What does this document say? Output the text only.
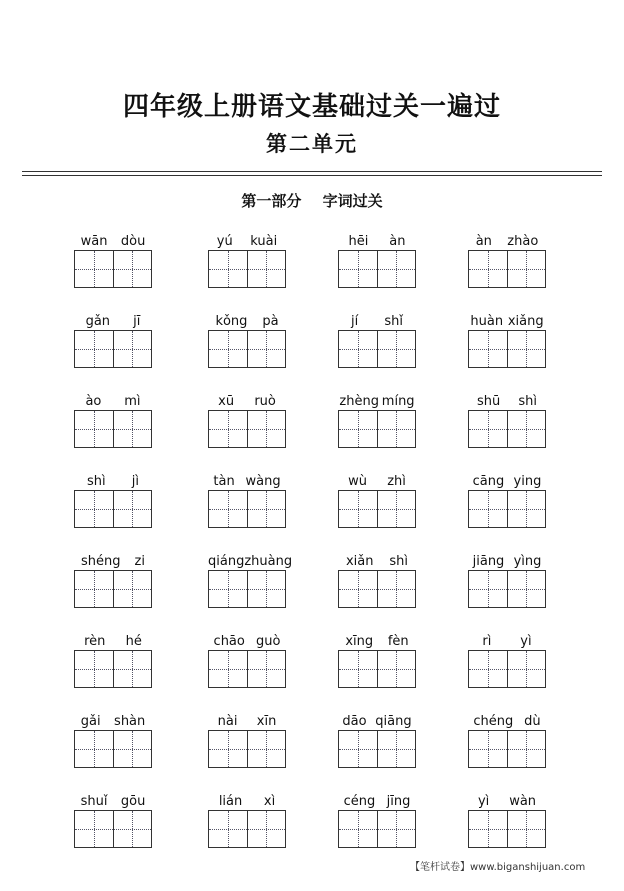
四年级上册语文基础过关一遍过
第二单元
第一部分 字词过关
wān dòu	yú kuài	hēi àn	àn zhào
gǎn jī	kǒng pà	jí shǐ	huàn xiǎng
ào mì	xū ruò	zhèng míng	shū shì
shì jì	tàn wàng	wù zhì	cāng ying
shéng zi	qiáng zhuàng	xiǎn shì	jiāng yìng
rèn hé	chāo guò	xīng fèn	rì yì
gǎi shàn	nài xīn	dāo qiāng	chéng dù
shuǐ gōu	lián xì	céng jīng	yì wàn
【笔杆试卷】www.biganshijuan.com
